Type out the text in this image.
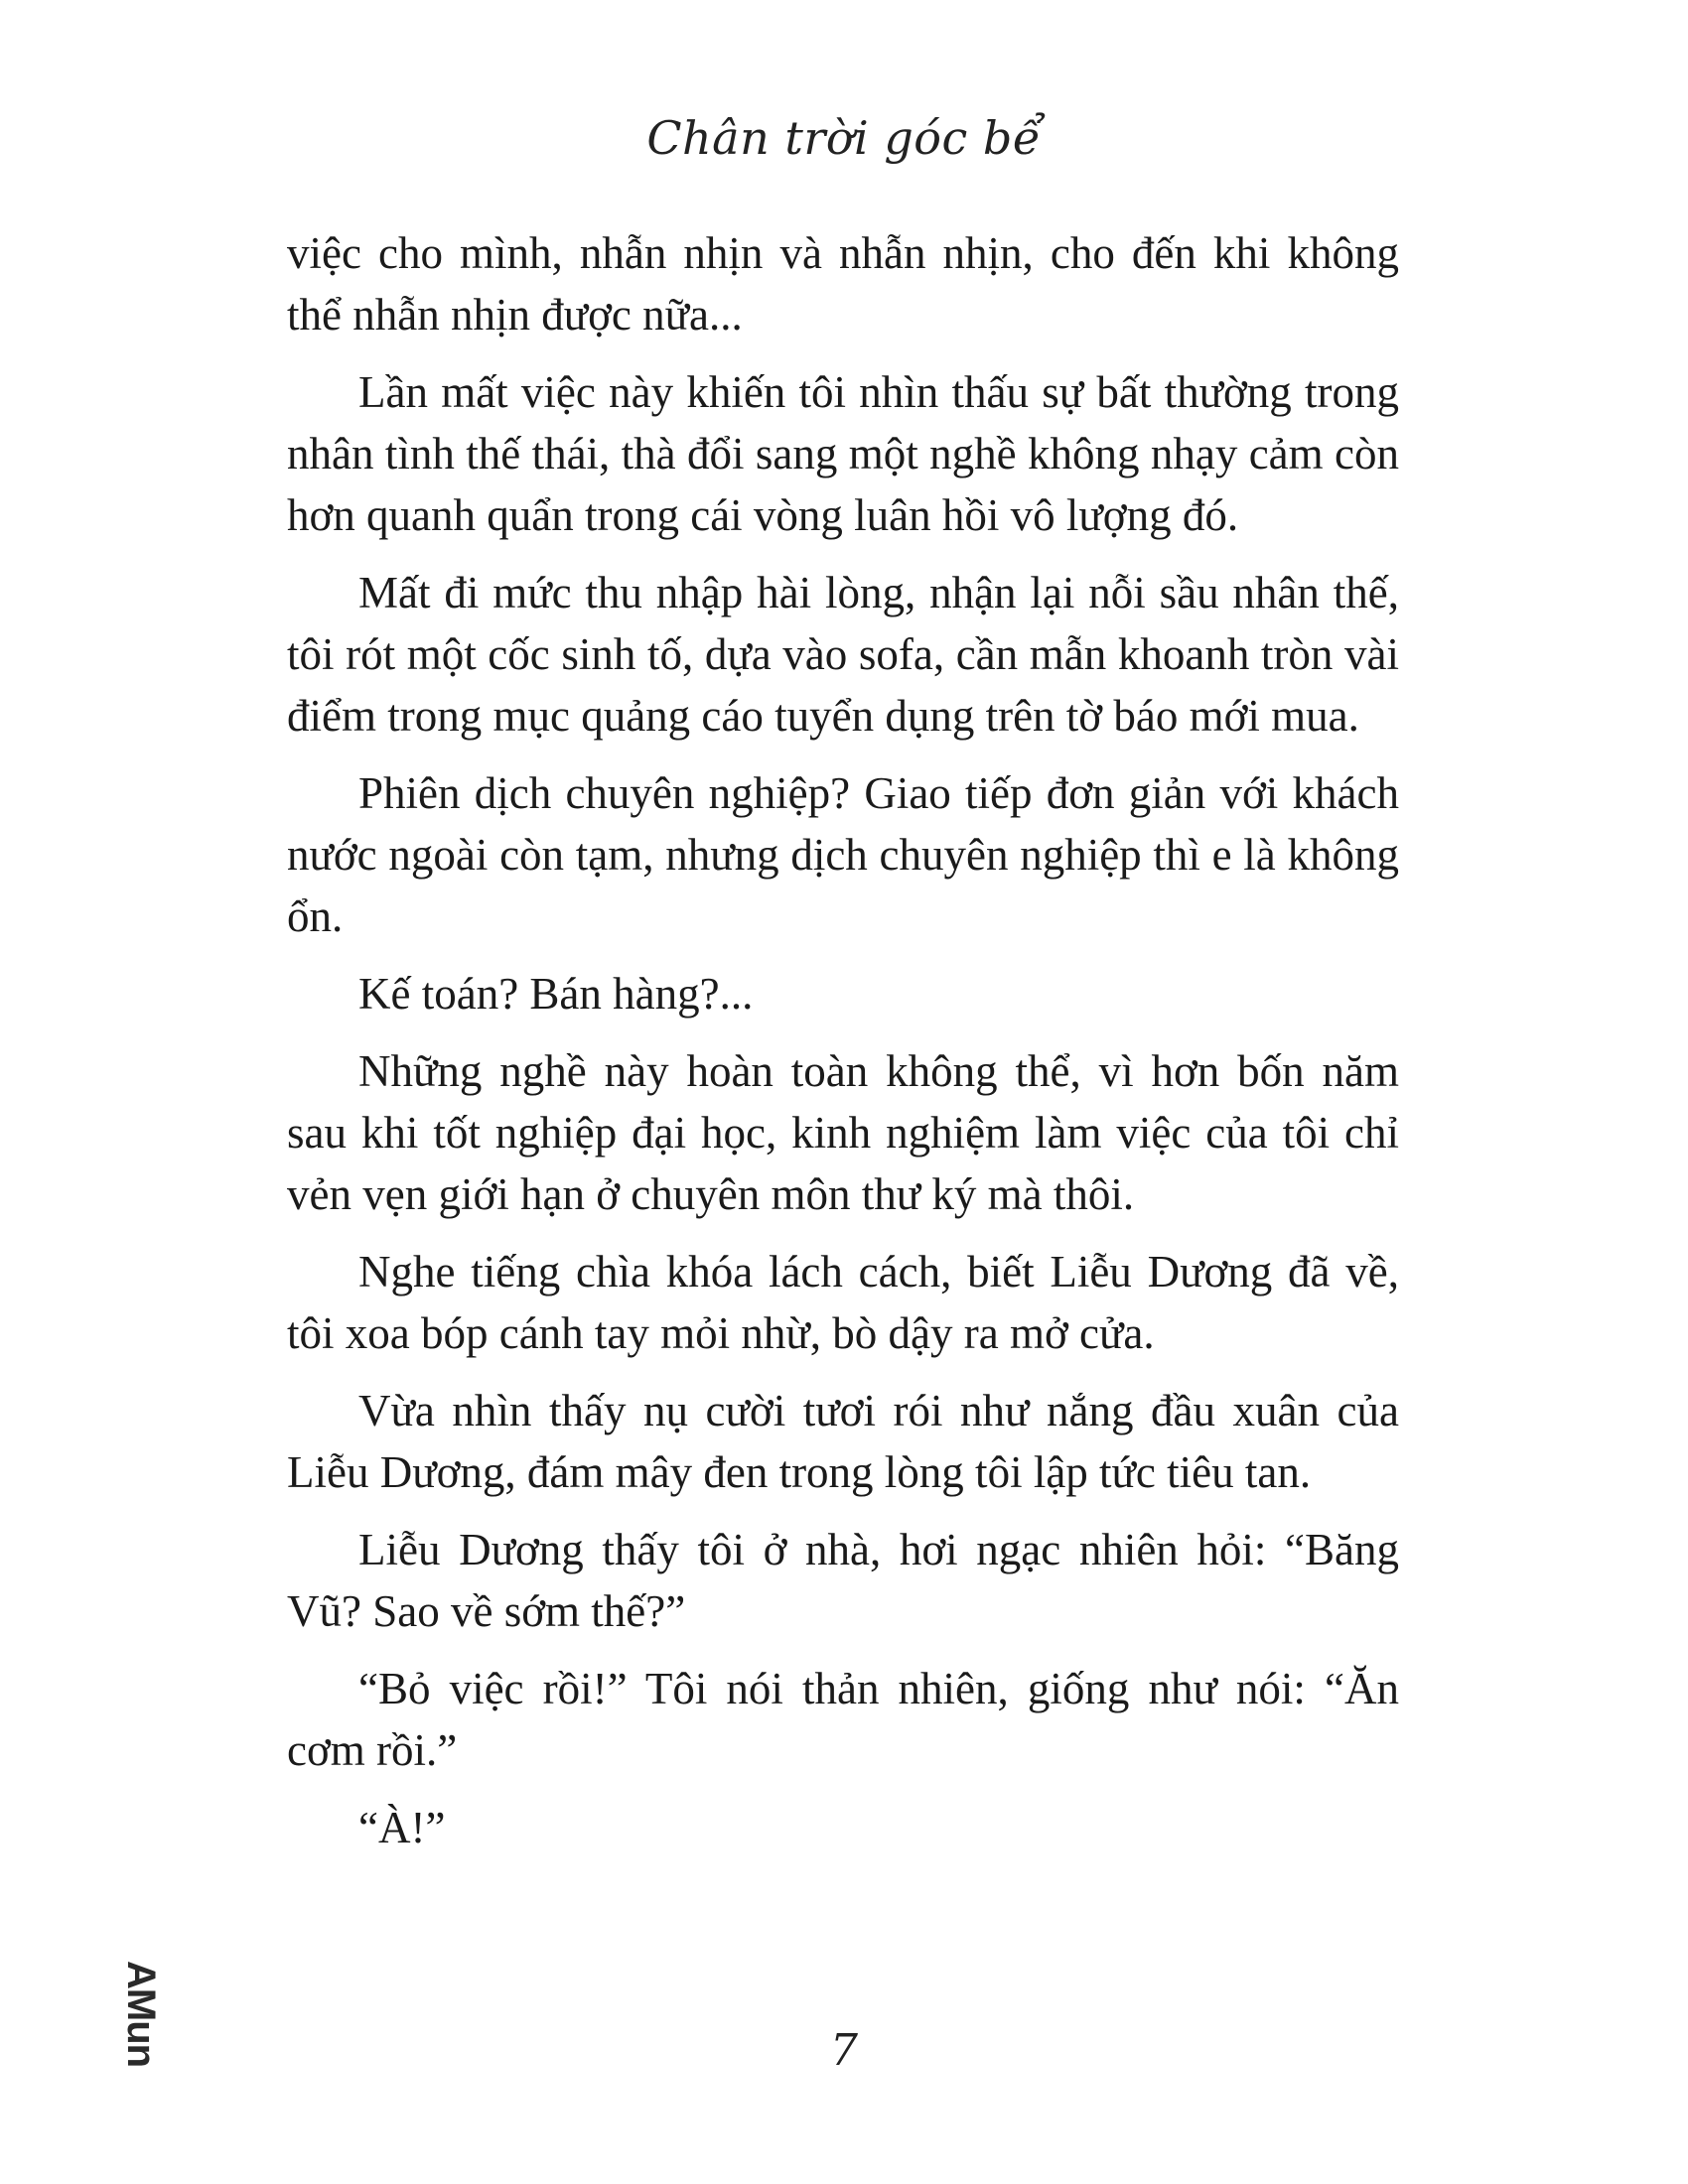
Chân trời góc bể

việc cho mình, nhẫn nhịn và nhẫn nhịn, cho đến khi không thể nhẫn nhịn được nữa...

Lần mất việc này khiến tôi nhìn thấu sự bất thường trong nhân tình thế thái, thà đổi sang một nghề không nhạy cảm còn hơn quanh quẩn trong cái vòng luân hồi vô lượng đó.

Mất đi mức thu nhập hài lòng, nhận lại nỗi sầu nhân thế, tôi rót một cốc sinh tố, dựa vào sofa, cần mẫn khoanh tròn vài điểm trong mục quảng cáo tuyển dụng trên tờ báo mới mua.

Phiên dịch chuyên nghiệp? Giao tiếp đơn giản với khách nước ngoài còn tạm, nhưng dịch chuyên nghiệp thì e là không ổn.

Kế toán? Bán hàng?...

Những nghề này hoàn toàn không thể, vì hơn bốn năm sau khi tốt nghiệp đại học, kinh nghiệm làm việc của tôi chỉ vẻn vẹn giới hạn ở chuyên môn thư ký mà thôi.

Nghe tiếng chìa khóa lách cách, biết Liễu Dương đã về, tôi xoa bóp cánh tay mỏi nhừ, bò dậy ra mở cửa.

Vừa nhìn thấy nụ cười tươi rói như nắng đầu xuân của Liễu Dương, đám mây đen trong lòng tôi lập tức tiêu tan.

Liễu Dương thấy tôi ở nhà, hơi ngạc nhiên hỏi: “Băng Vũ? Sao về sớm thế?”

“Bỏ việc rồi!” Tôi nói thản nhiên, giống như nói: “Ăn cơm rồi.”

“À!”

AMun	7
